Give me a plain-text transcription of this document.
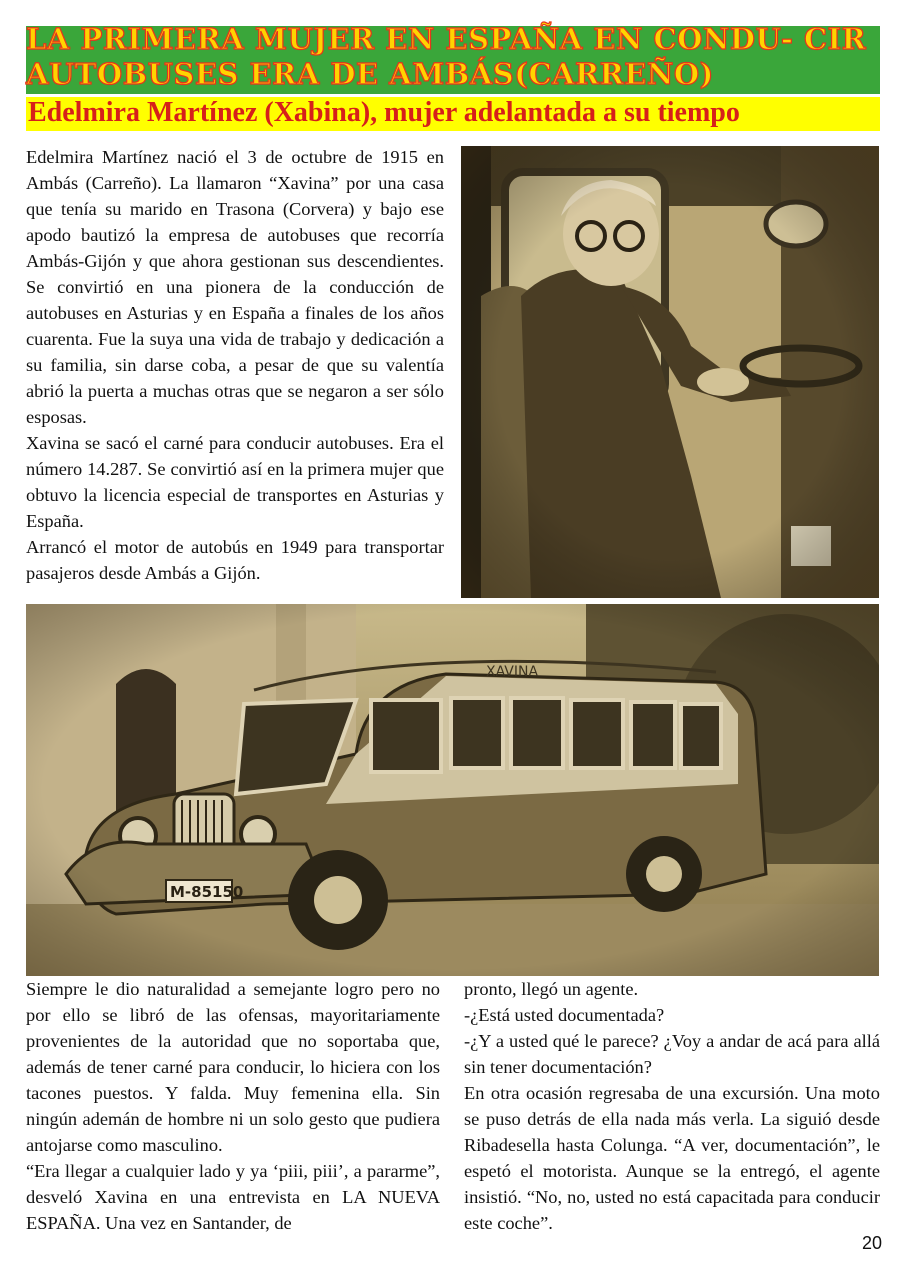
LA PRIMERA MUJER EN ESPAÑA EN CONDU- CIR AUTOBUSES ERA DE AMBÁS(CARREÑO)
Edelmira Martínez (Xabina), mujer adelantada a su tiempo

Edelmira Martínez nació el 3 de octubre de 1915 en Ambás (Carreño). La llamaron “Xavina” por una casa que tenía su marido en Trasona (Corvera) y bajo ese apodo bautizó la empresa de autobuses que recorría Ambás-Gijón y que ahora gestionan sus descendientes. Se convirtió en una pionera de la conducción de autobuses en Asturias y en España a finales de los años cuarenta. Fue la suya una vida de trabajo y dedicación a su familia, sin darse coba, a pesar de que su valentía abrió la puerta a muchas otras que se negaron a ser sólo esposas.

Xavina se sacó el carné para conducir autobuses. Era el número 14.287. Se convirtió así en la primera mujer que obtuvo la licencia especial de transportes en Asturias y España.

Arrancó el motor de autobús en 1949 para transportar pasajeros desde Ambás a Gijón.

Siempre le dio naturalidad a semejante logro pero no por ello se libró de las ofensas, mayoritariamente provenientes de la autoridad que no soportaba que, además de tener carné para conducir, lo hiciera con los tacones puestos. Y falda. Muy femenina ella. Sin ningún ademán de hombre ni un solo gesto que pudiera antojarse como masculino.

“Era llegar a cualquier lado y ya ‘piii, piii’, a pararme”, desveló Xavina en una entrevista en LA NUEVA ESPAÑA. Una vez en Santander, de

pronto, llegó un agente.

-¿Está usted documentada?

-¿Y a usted qué le parece? ¿Voy a andar de acá para allá sin tener documentación?

En otra ocasión regresaba de una excursión. Una moto se puso detrás de ella nada más verla. La siguió desde Ribadesella hasta Colunga. “A ver, documentación”, le espetó el motorista. Aunque se la entregó, el agente insistió. “No, no, usted no está capacitada para conducir este coche”.

20
